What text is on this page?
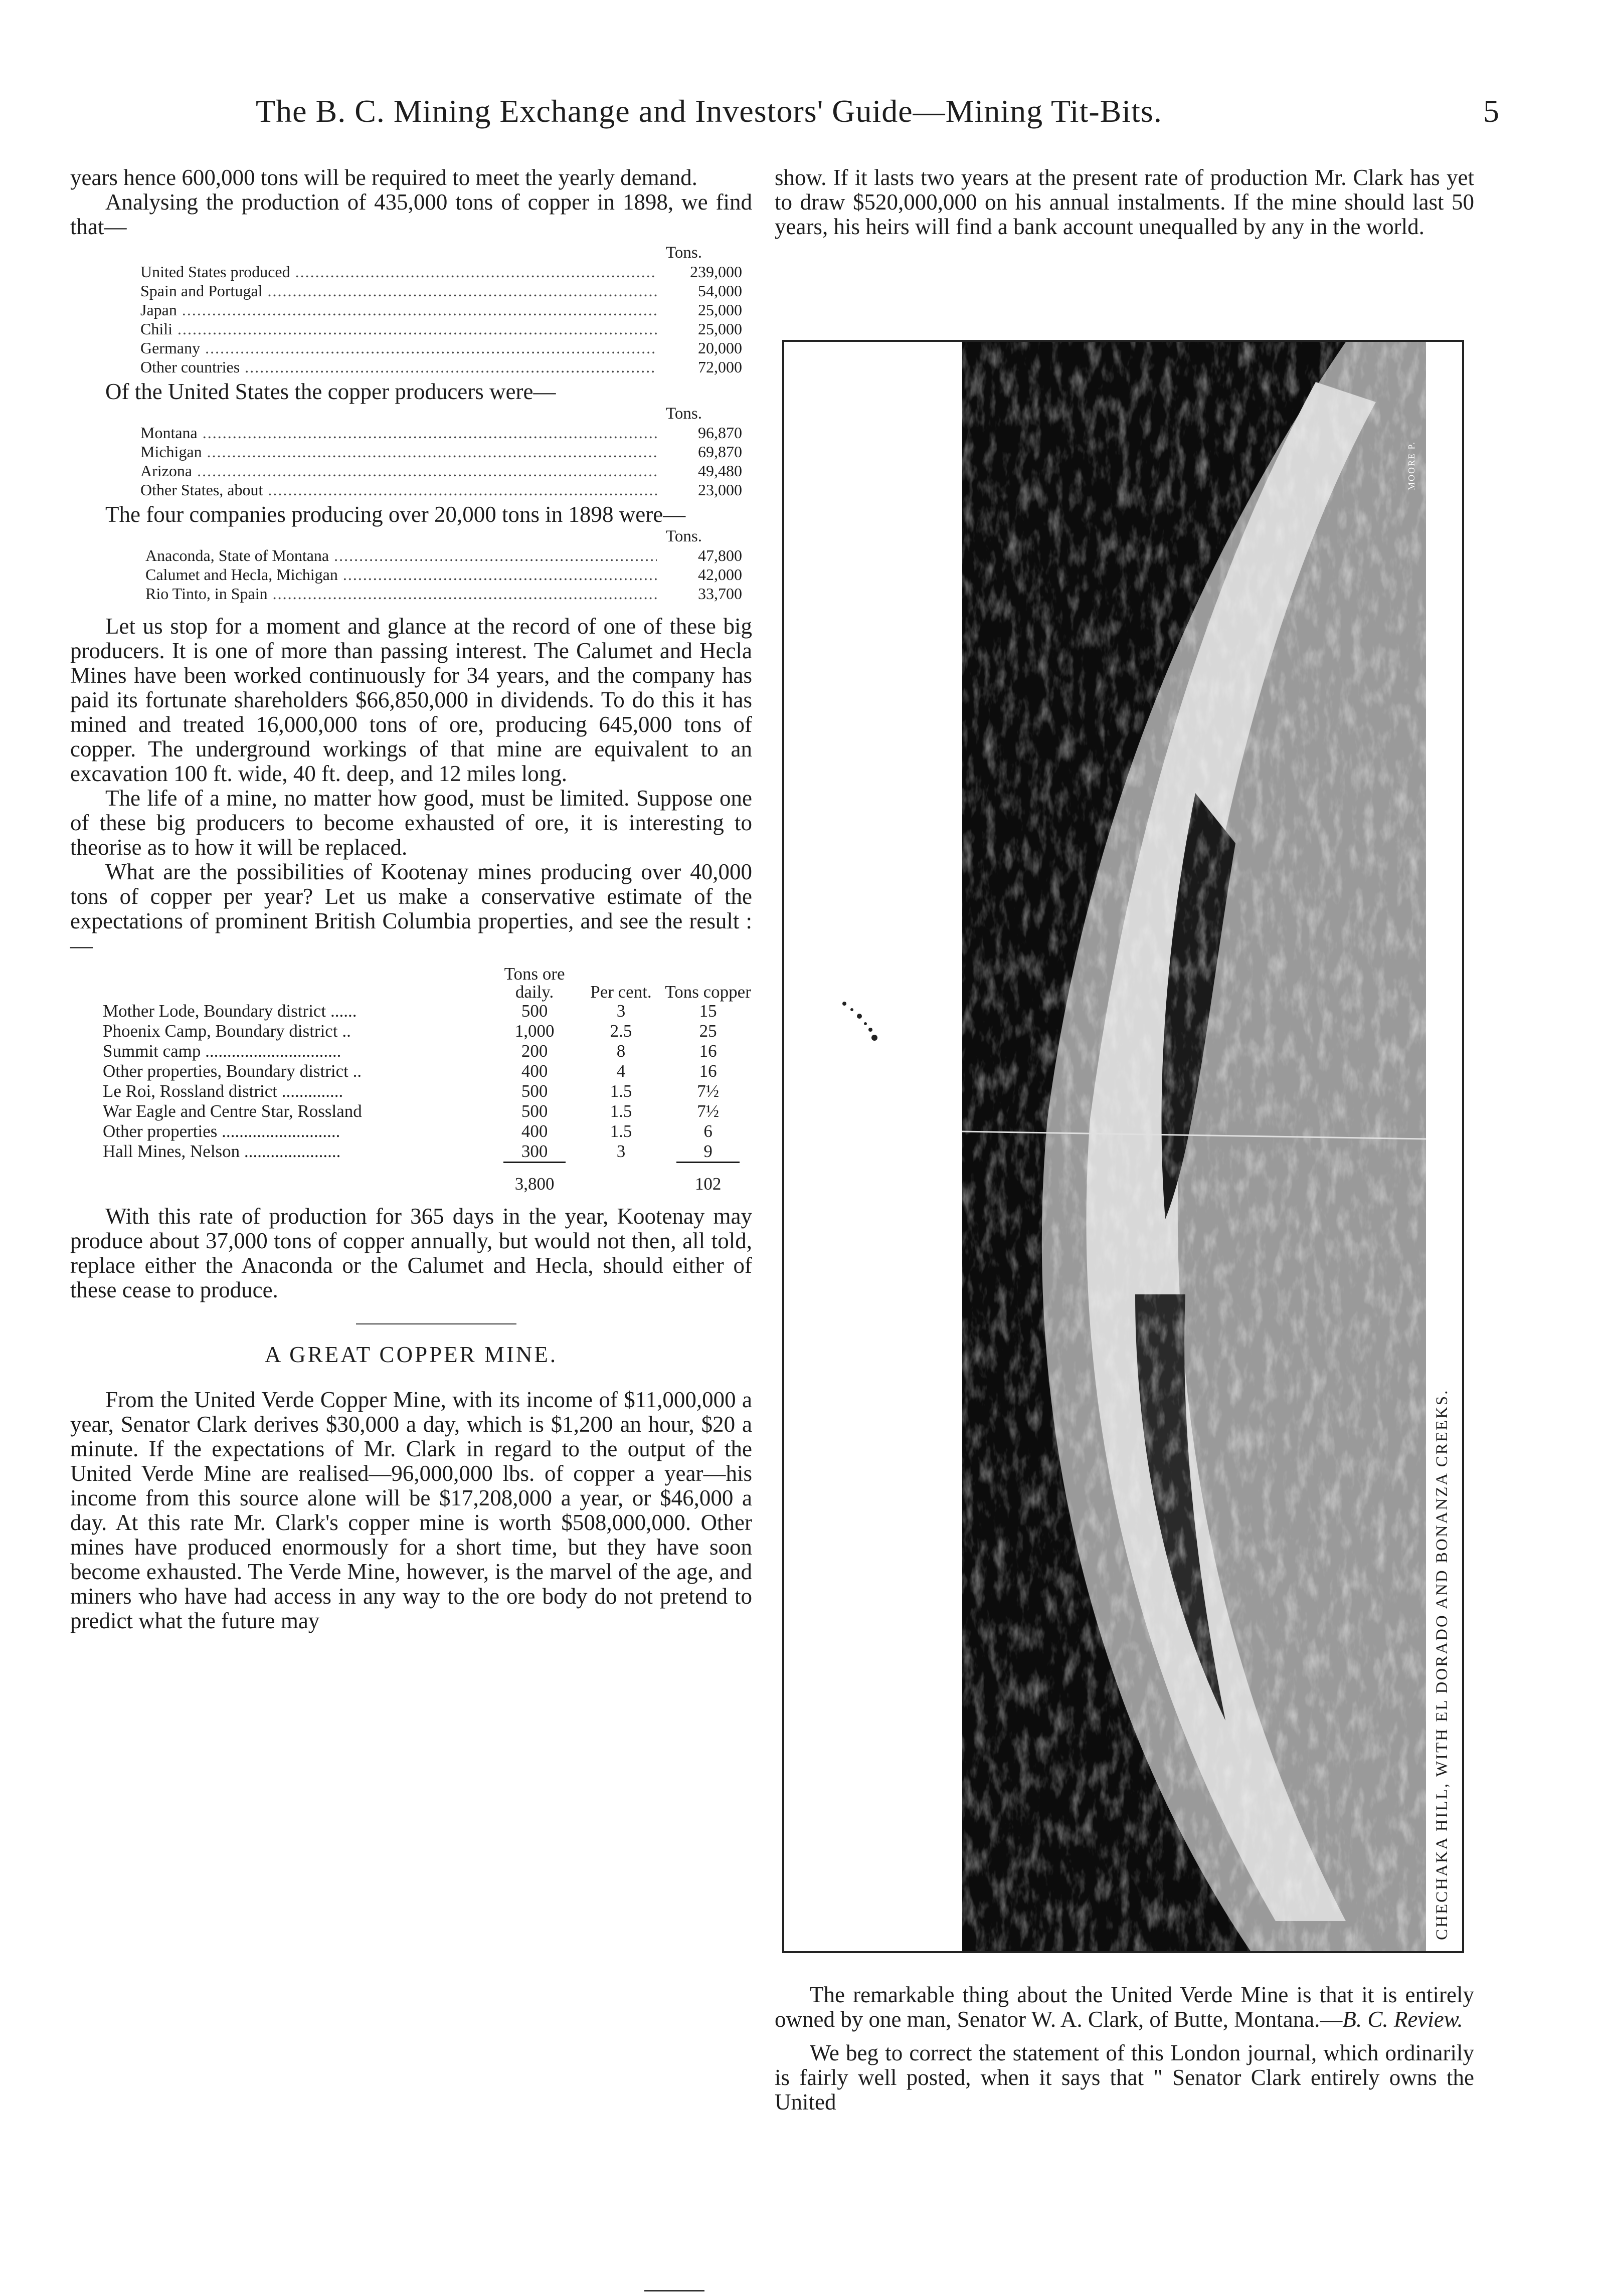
The B. C. Mining Exchange and Investors' Guide—Mining Tit-Bits.	5

years hence 600,000 tons will be required to meet the yearly demand.

Analysing the production of 435,000 tons of copper in 1898, we find that—

Tons.
United States produced .....	239,000
Spain and Portugal .....	54,000
Japan .....	25,000
Chili .....	25,000
Germany .....	20,000
Other countries .....	72,000

Of the United States the copper producers were—

Tons.
Montana .....	96,870
Michigan .....	69,870
Arizona .....	49,480
Other States, about .....	23,000

The four companies producing over 20,000 tons in 1898 were—

Tons.
Anaconda, State of Montana .....	47,800
Calumet and Hecla, Michigan .....	42,000
Rio Tinto, in Spain .....	33,700

Let us stop for a moment and glance at the record of one of these big producers. It is one of more than passing interest. The Calumet and Hecla Mines have been worked continuously for 34 years, and the company has paid its fortunate shareholders $66,850,000 in dividends. To do this it has mined and treated 16,000,000 tons of ore, producing 645,000 tons of copper. The underground workings of that mine are equivalent to an excavation 100 ft. wide, 40 ft. deep, and 12 miles long.

The life of a mine, no matter how good, must be limited. Suppose one of these big producers to become exhausted of ore, it is interesting to theorise as to how it will be replaced.

What are the possibilities of Kootenay mines producing over 40,000 tons of copper per year? Let us make a conservative estimate of the expectations of prominent British Columbia properties, and see the result :—

	Tons ore daily.	Per cent.	Tons copper
Mother Lode, Boundary district ......	500	3	15
Phoenix Camp, Boundary district ..	1,000	2.5	25
Summit camp ...............................	200	8	16
Other properties, Boundary district ..	400	4	16
Le Roi, Rossland district ..............	500	1.5	7½
War Eagle and Centre Star, Rossland	500	1.5	7½
Other properties ...........................	400	1.5	6
Hall Mines, Nelson ......................	300	3	9

	3,800		102

With this rate of production for 365 days in the year, Kootenay may produce about 37,000 tons of copper annually, but would not then, all told, replace either the Anaconda or the Calumet and Hecla, should either of these cease to produce.

A GREAT COPPER MINE.

From the United Verde Copper Mine, with its income of $11,000,000 a year, Senator Clark derives $30,000 a day, which is $1,200 an hour, $20 a minute. If the expectations of Mr. Clark in regard to the output of the United Verde Mine are realised—96,000,000 lbs. of copper a year—his income from this source alone will be $17,208,000 a year, or $46,000 a day. At this rate Mr. Clark's copper mine is worth $508,000,000. Other mines have produced enormously for a short time, but they have soon become exhausted. The Verde Mine, however, is the marvel of the age, and miners who have had access in any way to the ore body do not pretend to predict what the future may

show. If it lasts two years at the present rate of production Mr. Clark has yet to draw $520,000,000 on his annual instalments. If the mine should last 50 years, his heirs will find a bank account unequalled by any in the world.

MOORE P.
CHECHAKA HILL, WITH EL DORADO AND BONANZA CREEKS.

The remarkable thing about the United Verde Mine is that it is entirely owned by one man, Senator W. A. Clark, of Butte, Montana.—B. C. Review.

We beg to correct the statement of this London journal, which ordinarily is fairly well posted, when it says that " Senator Clark entirely owns the United
